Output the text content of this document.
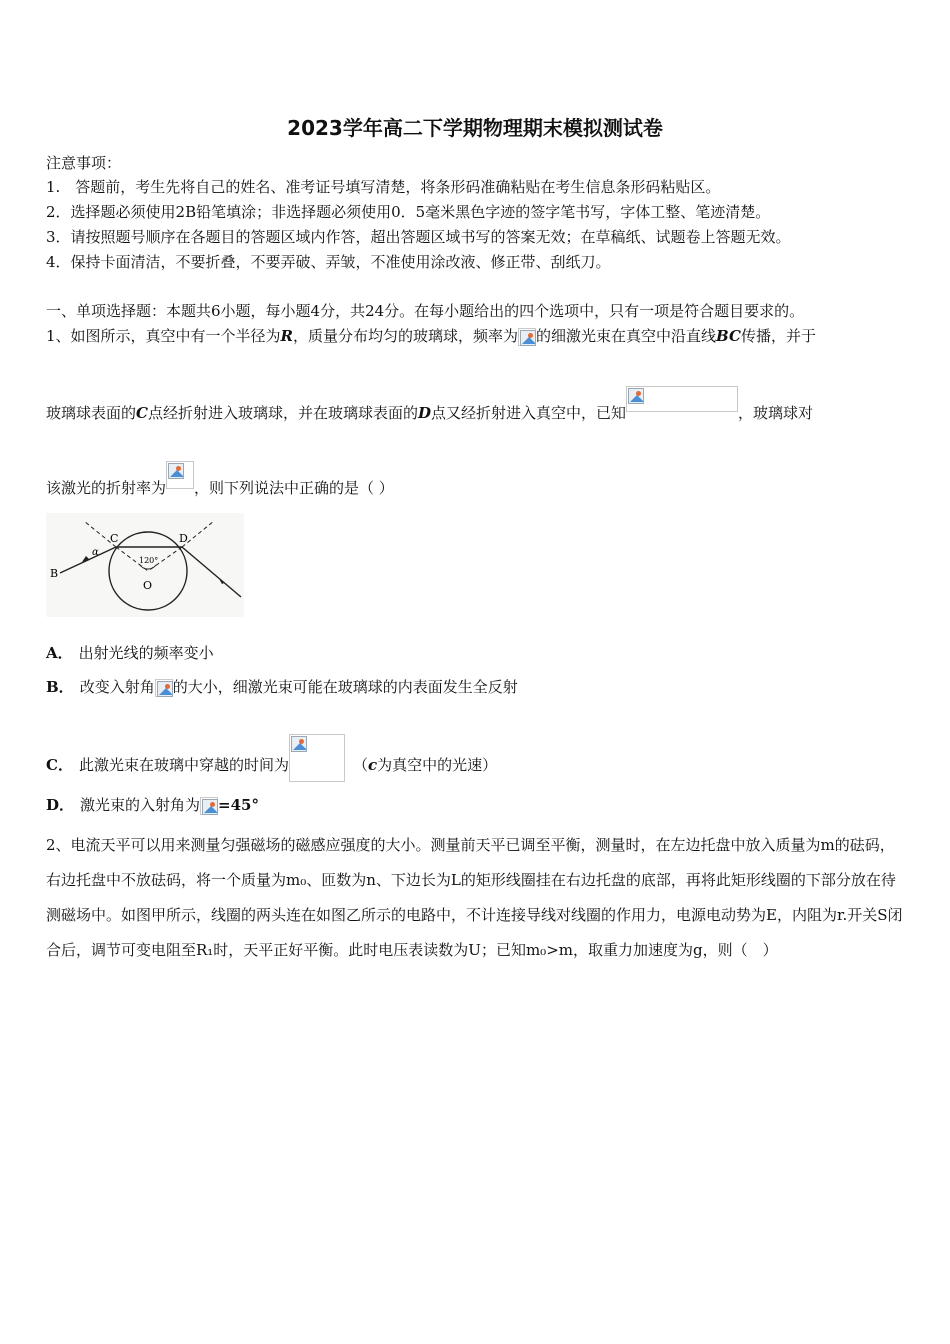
2023学年高二下学期物理期末模拟测试卷
注意事项：
1.　答题前，考生先将自己的姓名、准考证号填写清楚，将条形码准确粘贴在考生信息条形码粘贴区。
2．选择题必须使用2B铅笔填涂；非选择题必须使用0．5毫米黑色字迹的签字笔书写，字体工整、笔迹清楚。
3．请按照题号顺序在各题目的答题区域内作答，超出答题区域书写的答案无效；在草稿纸、试题卷上答题无效。
4．保持卡面清洁，不要折叠，不要弄破、弄皱，不准使用涂改液、修正带、刮纸刀。
一、单项选择题：本题共6小题，每小题4分，共24分。在每小题给出的四个选项中，只有一项是符合题目要求的。
1、如图所示，真空中有一个半径为R，质量分布均匀的玻璃球，频率为 的细激光束在真空中沿直线BC传播，并于
玻璃球表面的C点经折射进入玻璃球，并在玻璃球表面的D点又经折射进入真空中，已知	，玻璃球对
该激光的折射率为 ，则下列说法中正确的是（ ）
B
C	D
O
α
120°
A． 出射光线的频率变小
B． 改变入射角 的大小，细激光束可能在玻璃球的内表面发生全反射
C． 此激光束在玻璃中穿越的时间为	（c为真空中的光速）
D． 激光束的入射角为 =45°
2、电流天平可以用来测量匀强磁场的磁感应强度的大小。测量前天平已调至平衡，测量时，在左边托盘中放入质量为m的砝码，右边托盘中不放砝码，将一个质量为m₀、匝数为n、下边长为L的矩形线圈挂在右边托盘的底部，再将此矩形线圈的下部分放在待测磁场中。如图甲所示，线圈的两头连在如图乙所示的电路中，不计连接导线对线圈的作用力，电源电动势为E，内阻为r.开关S闭合后，调节可变电阻至R₁时，天平正好平衡。此时电压表读数为U；已知m₀>m，取重力加速度为g，则（　）
